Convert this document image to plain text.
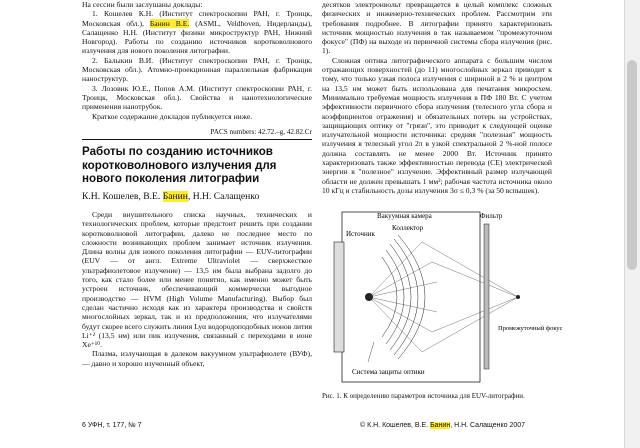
На сессии были заслушаны доклады:

1. Кошелев К.Н. (Институт спектроскопии РАН, г. Троицк, Московская обл.), Банин В.Е. (ASML, Veldhoven, Нидерланды), Салащенко Н.Н. (Институт физики микроструктур РАН, Нижний Новгород). Работы по созданию источников коротковолнового излучения для нового поколения литографии.

2. Балыкин В.И. (Институт спектроскопии РАН, г. Троицк, Московская обл.). Атомно-проекционная параллельная фабрикация наноструктур.

3. Лозовик Ю.Е., Попов А.М. (Институт спектроскопии РАН, г. Троицк, Московская обл.). Свойства и нанотехнологические применения нанотрубок.

Краткое содержание докладов публикуется ниже.

PACS numbers: 42.72.–g, 42.82.Cr
Работы по созданию источников коротковолнового излучения для нового поколения литографии
К.Н. Кошелев, В.Е. Банин, Н.Н. Салащенко

Среди внушительного списка научных, технических и технологических проблем, которые предстоит решить при создании коротковолновой литографии, далеко не последнее место по сложности возникающих проблем занимает источник излучения. Длина волны для нового поколения литографии — EUV-литографии (EUV — от англ. Extreme Ultraviolet — сверхжесткое ультрафиолетовое излучение) — 13,5 нм была выбрана задолго до того, как стало более или менее понятно, как именно может быть устроен источник, обеспечивающий коммерчески выгодное производство — HVM (High Volume Manufacturing). Выбор был сделан частично исходя как из характера производства и свойств многослойных зеркал, так и из предположения, что излучателями будут скорее всего служить линия Lyα водородоподобных ионов лития Li⁺² (13,5 нм) или пик излучения, связанный с переходами в ионе Xe⁺¹⁰.

Плазма, излучающая в далеком вакуумном ультрафиолете (ВУФ), — давно и хорошо изученный объект,

десятков электронвольт превращается в целый комплекс сложных физических и инженерно-технических проблем. Рассмотрим эти требования подробнее. В литографии принято характеризовать источник мощностью излучения в так называемом "промежуточном фокусе" (ПФ) на выходе из первичной системы сбора излучения (рис. 1).

Сложная оптика литографического аппарата с большим числом отражающих поверхностей (до 11) многослойных зеркал приводит к тому, что только узкая полоса излучения с шириной в 2 % и центром на 13,5 нм может быть использована для печатания микросхем. Минимально требуемая мощность излучения в ПФ 180 Вт. С учетом эффективности первичного сбора излучения (телесного угла сбора и коэффициентов отражения) и обязательных потерь на устройствах, защищающих оптику от "грязи", это приводит к следующей оценке излучательной мощности источника: средняя "полезная" мощность излучения в телесный угол 2π в узкой спектральной 2 %-ной полосе должна составлять не менее 2000 Вт. Источник принято характеризовать также эффективностью перевода (CE) электрической энергии в "полезное" излучение. Эффективный размер излучающей области не должен превышать 1 мм²; рабочая частота источника около 10 кГц и стабильность дозы излучения 3σ ≤ 0,3 % (за 50 вспышек).

Вакуумная камера	Фильтр
Источник
Коллектор
Промежуточный фокус
Система защиты оптики
Рис. 1. К определению параметров источника для EUV-литографии.
6 УФН, т. 177, № 7	© К.Н. Кошелев, В.Е. Банин, Н.Н. Салащенко 2007
